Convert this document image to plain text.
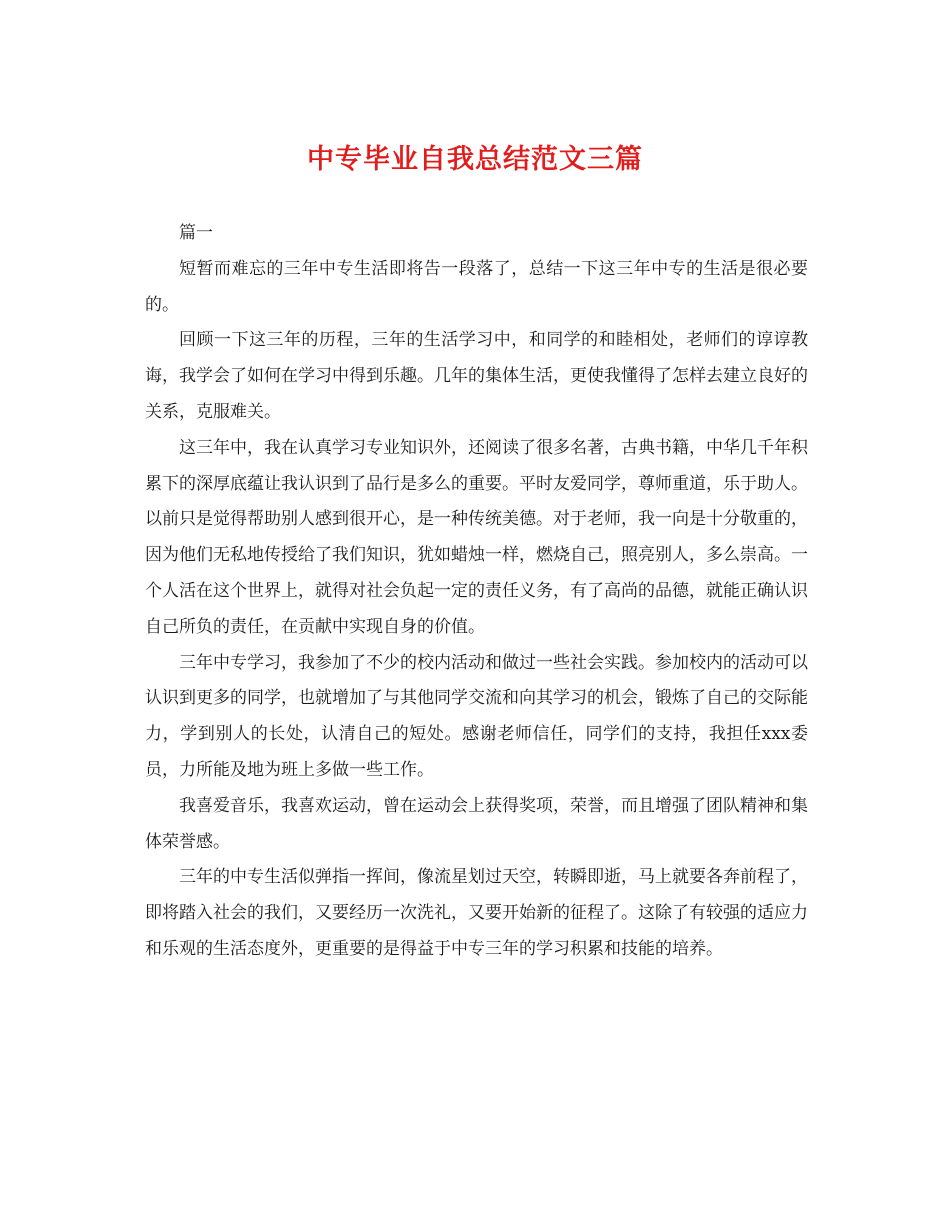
中专毕业自我总结范文三篇

篇一

短暂而难忘的三年中专生活即将告一段落了，总结一下这三年中专的生活是很必要的。

回顾一下这三年的历程，三年的生活学习中，和同学的和睦相处，老师们的谆谆教诲，我学会了如何在学习中得到乐趣。几年的集体生活，更使我懂得了怎样去建立良好的关系，克服难关。

这三年中，我在认真学习专业知识外，还阅读了很多名著，古典书籍，中华几千年积累下的深厚底蕴让我认识到了品行是多么的重要。平时友爱同学，尊师重道，乐于助人。以前只是觉得帮助别人感到很开心，是一种传统美德。对于老师，我一向是十分敬重的，因为他们无私地传授给了我们知识，犹如蜡烛一样，燃烧自己，照亮别人，多么崇高。一个人活在这个世界上，就得对社会负起一定的责任义务，有了高尚的品德，就能正确认识自己所负的责任，在贡献中实现自身的价值。

三年中专学习，我参加了不少的校内活动和做过一些社会实践。参加校内的活动可以认识到更多的同学，也就增加了与其他同学交流和向其学习的机会，锻炼了自己的交际能力，学到别人的长处，认清自己的短处。感谢老师信任，同学们的支持，我担任xxx委员，力所能及地为班上多做一些工作。

我喜爱音乐，我喜欢运动，曾在运动会上获得奖项，荣誉，而且增强了团队精神和集体荣誉感。

三年的中专生活似弹指一挥间，像流星划过天空，转瞬即逝，马上就要各奔前程了，即将踏入社会的我们，又要经历一次洗礼，又要开始新的征程了。这除了有较强的适应力和乐观的生活态度外，更重要的是得益于中专三年的学习积累和技能的培养。
